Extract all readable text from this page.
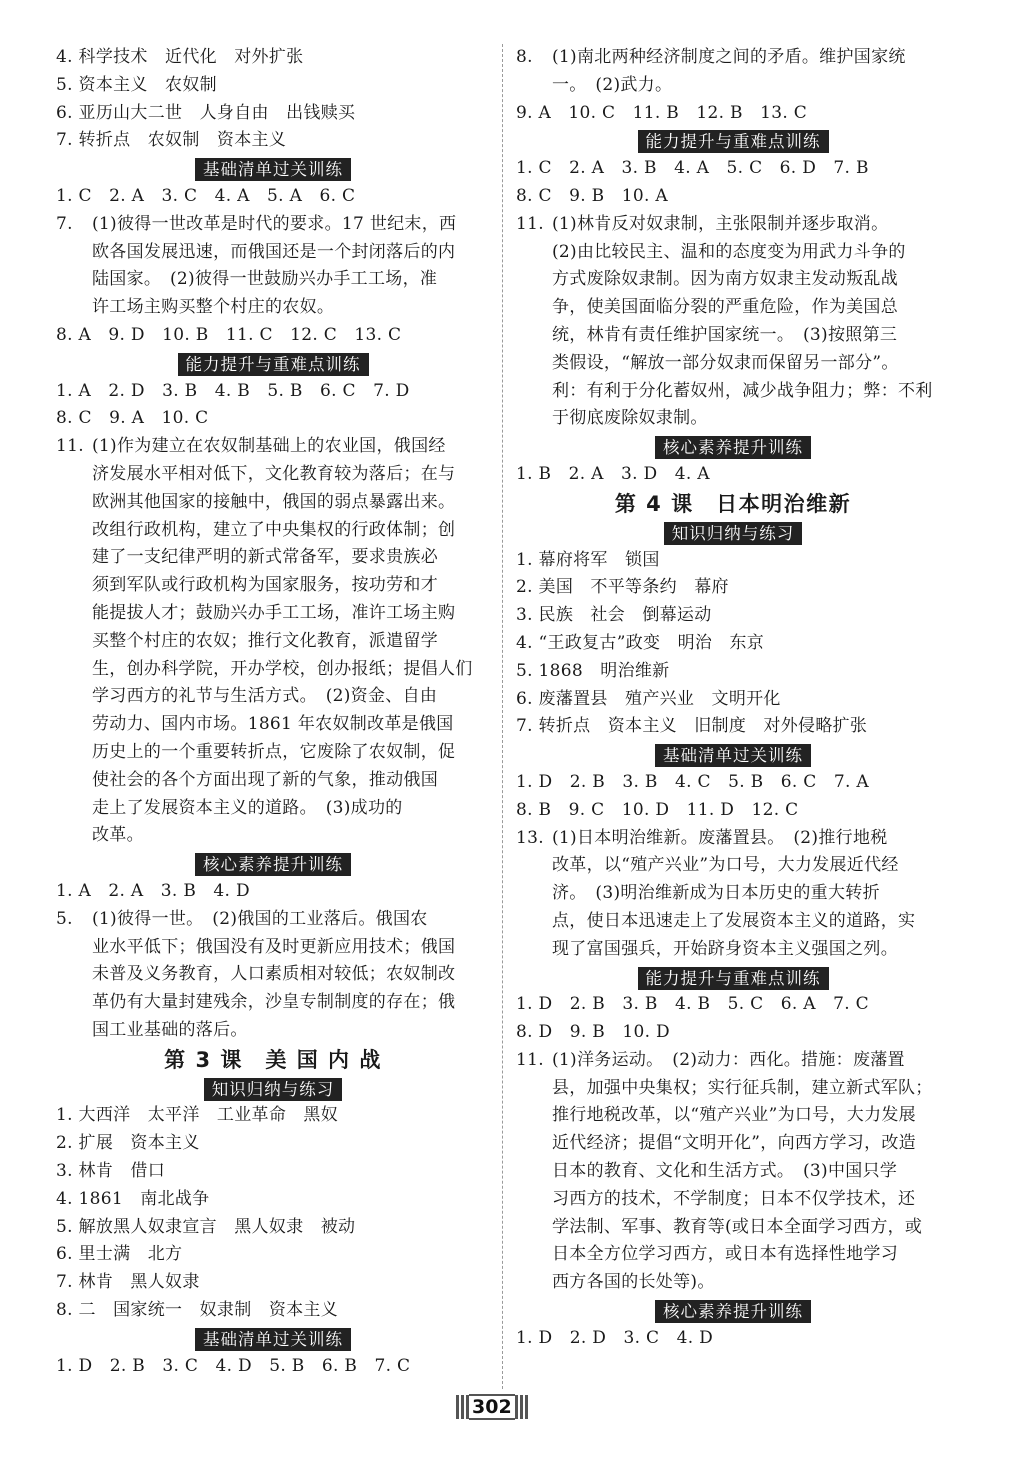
4. 科学技术　近代化　对外扩张
5. 资本主义　农奴制
6. 亚历山大二世　人身自由　出钱赎买
7. 转折点　农奴制　资本主义
基础清单过关训练
1. C　2. A　3. C　4. A　5. A　6. C
7.	(1)彼得一世改革是时代的要求。17 世纪末，西
欧各国发展迅速，而俄国还是一个封闭落后的内
陆国家。　(2)彼得一世鼓励兴办手工工场，准
许工场主购买整个村庄的农奴。
8. A　9. D　10. B　11. C　12. C　13. C
能力提升与重难点训练
1. A　2. D　3. B　4. B　5. B　6. C　7. D
8. C　9. A　10. C
11. (1)作为建立在农奴制基础上的农业国，俄国经
济发展水平相对低下，文化教育较为落后；在与
欧洲其他国家的接触中，俄国的弱点暴露出来。
改组行政机构，建立了中央集权的行政体制；创
建了一支纪律严明的新式常备军，要求贵族必
须到军队或行政机构为国家服务，按功劳和才
能提拔人才；鼓励兴办手工工场，准许工场主购
买整个村庄的农奴；推行文化教育，派遣留学
生，创办科学院，开办学校，创办报纸；提倡人们
学习西方的礼节与生活方式。　(2)资金、自由
劳动力、国内市场。1861 年农奴制改革是俄国
历史上的一个重要转折点，它废除了农奴制，促
使社会的各个方面出现了新的气象，推动俄国
走上了发展资本主义的道路。　(3)成功的
改革。
核心素养提升训练
1. A　2. A　3. B　4. D
5.	(1)彼得一世。　(2)俄国的工业落后。俄国农
业水平低下；俄国没有及时更新应用技术；俄国
未普及义务教育，人口素质相对较低；农奴制改
革仍有大量封建残余，沙皇专制制度的存在；俄
国工业基础的落后。
第 3 课　美 国 内 战
知识归纳与练习
1. 大西洋　太平洋　工业革命　黑奴
2. 扩展　资本主义
3. 林肯　借口
4. 1861　南北战争
5. 解放黑人奴隶宣言　黑人奴隶　被动
6. 里士满　北方
7. 林肯　黑人奴隶
8. 二　国家统一　奴隶制　资本主义
基础清单过关训练
1. D　2. B　3. C　4. D　5. B　6. B　7. C
8.	(1)南北两种经济制度之间的矛盾。维护国家统
一。　(2)武力。
9. A　10. C　11. B　12. B　13. C
能力提升与重难点训练
1. C　2. A　3. B　4. A　5. C　6. D　7. B
8. C　9. B　10. A
11. (1)林肯反对奴隶制，主张限制并逐步取消。
(2)由比较民主、温和的态度变为用武力斗争的
方式废除奴隶制。因为南方奴隶主发动叛乱战
争，使美国面临分裂的严重危险，作为美国总
统，林肯有责任维护国家统一。　(3)按照第三
类假设，“解放一部分奴隶而保留另一部分”。
利：有利于分化蓄奴州，减少战争阻力；弊：不利
于彻底废除奴隶制。
核心素养提升训练
1. B　2. A　3. D　4. A
第 4 课　日本明治维新
知识归纳与练习
1. 幕府将军　锁国
2. 美国　不平等条约　幕府
3. 民族　社会　倒幕运动
4. “王政复古”政变　明治　东京
5. 1868　明治维新
6. 废藩置县　殖产兴业　文明开化
7. 转折点　资本主义　旧制度　对外侵略扩张
基础清单过关训练
1. D　2. B　3. B　4. C　5. B　6. C　7. A
8. B　9. C　10. D　11. D　12. C
13. (1)日本明治维新。废藩置县。　(2)推行地税
改革，以“殖产兴业”为口号，大力发展近代经
济。　(3)明治维新成为日本历史的重大转折
点，使日本迅速走上了发展资本主义的道路，实
现了富国强兵，开始跻身资本主义强国之列。
能力提升与重难点训练
1. D　2. B　3. B　4. B　5. C　6. A　7. C
8. D　9. B　10. D
11. (1)洋务运动。　(2)动力：西化。措施：废藩置
县，加强中央集权；实行征兵制，建立新式军队；
推行地税改革，以“殖产兴业”为口号，大力发展
近代经济；提倡“文明开化”，向西方学习，改造
日本的教育、文化和生活方式。　(3)中国只学
习西方的技术，不学制度；日本不仅学技术，还
学法制、军事、教育等(或日本全面学习西方，或
日本全方位学习西方，或日本有选择性地学习
西方各国的长处等)。
核心素养提升训练
1. D　2. D　3. C　4. D
302
